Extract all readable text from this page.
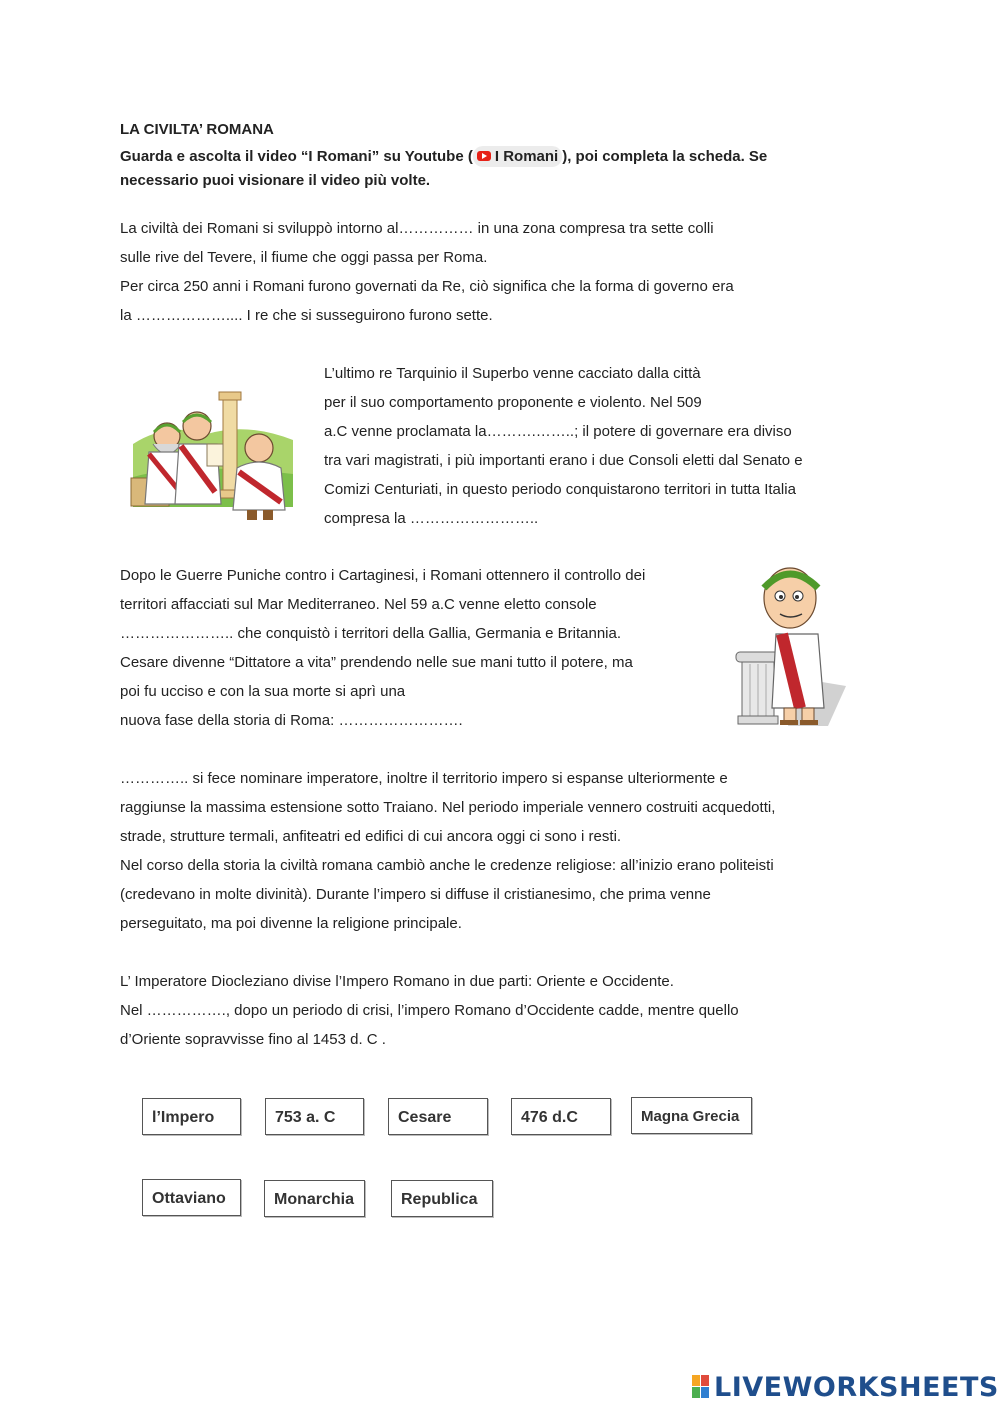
LA CIVILTA’ ROMANA
Guarda e ascolta il video “I Romani” su Youtube ( I Romani ), poi completa la scheda. Se
necessario puoi visionare il video più volte.
La civiltà dei Romani si sviluppò intorno al…………… in una zona compresa tra sette colli
sulle rive del Tevere, il fiume che oggi passa per Roma.
Per circa 250 anni i Romani furono governati da Re, ciò significa che la forma di governo era
la ……………….... I re che si susseguirono furono sette.
L’ultimo re Tarquinio il Superbo venne cacciato dalla città
per il suo comportamento proponente e violento. Nel 509
a.C venne proclamata la……….……..; il potere di governare era diviso
tra vari magistrati, i più importanti erano i due Consoli eletti dal Senato e
Comizi Centuriati, in questo periodo conquistarono territori in tutta Italia
compresa la ……………………..
Dopo le Guerre Puniche contro i Cartaginesi, i Romani ottennero il controllo dei
territori affacciati sul Mar Mediterraneo. Nel 59 a.C venne eletto console
………………….. che conquistò i territori della Gallia, Germania e Britannia.
Cesare divenne “Dittatore a vita” prendendo nelle sue mani tutto il potere, ma
poi fu ucciso e con la sua morte si aprì una
nuova fase della storia di Roma: …………………….
………….. si fece nominare imperatore, inoltre il territorio impero si espanse ulteriormente e
raggiunse la massima estensione sotto Traiano. Nel periodo imperiale vennero costruiti acquedotti,
strade, strutture termali, anfiteatri ed edifici di cui ancora oggi ci sono i resti.
Nel corso della storia la civiltà romana cambiò anche le credenze religiose: all’inizio erano politeisti
(credevano in molte divinità). Durante l’impero si diffuse il cristianesimo, che prima venne
perseguitato, ma poi divenne la religione principale.
L’ Imperatore Diocleziano divise l’Impero Romano in due parti: Oriente e Occidente.
Nel ……………., dopo un periodo di crisi, l’impero Romano d’Occidente cadde, mentre quello
d’Oriente sopravvisse fino al 1453 d. C .
l’Impero	753 a. C	Cesare	476 d.C	Magna Grecia
Ottaviano	Monarchia	Republica
LIVEWORKSHEETS
